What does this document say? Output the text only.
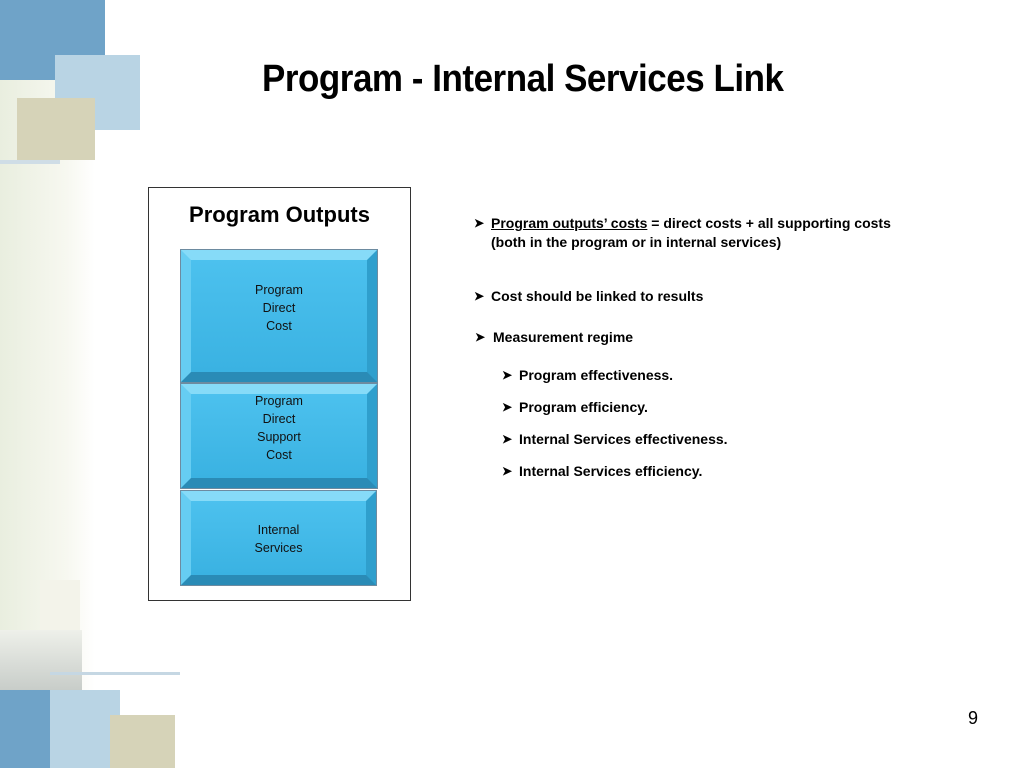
Program - Internal Services Link
Program Outputs
Program
Direct
Cost
Program
Direct
Support
Cost
Internal
Services
➤ Program outputs’ costs = direct costs + all supporting costs (both in the program or in internal services)
➤ Cost should be linked to results
➤ Measurement regime
➤ Program effectiveness.
➤ Program efficiency.
➤ Internal Services effectiveness.
➤ Internal Services efficiency.
9
